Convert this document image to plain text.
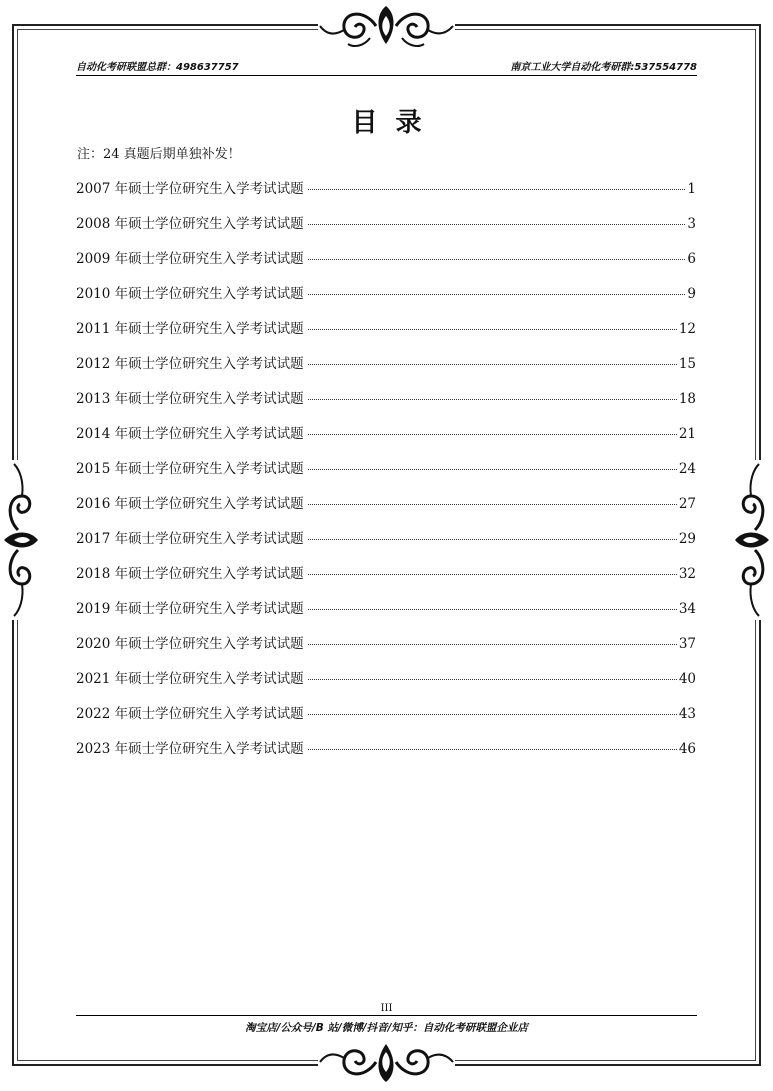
自动化考研联盟总群：498637757	南京工业大学自动化考研群:537554778
目录
注：24 真题后期单独补发！
2007 年硕士学位研究生入学考试试题	1
2008 年硕士学位研究生入学考试试题	3
2009 年硕士学位研究生入学考试试题	6
2010 年硕士学位研究生入学考试试题	9
2011 年硕士学位研究生入学考试试题	12
2012 年硕士学位研究生入学考试试题	15
2013 年硕士学位研究生入学考试试题	18
2014 年硕士学位研究生入学考试试题	21
2015 年硕士学位研究生入学考试试题	24
2016 年硕士学位研究生入学考试试题	27
2017 年硕士学位研究生入学考试试题	29
2018 年硕士学位研究生入学考试试题	32
2019 年硕士学位研究生入学考试试题	34
2020 年硕士学位研究生入学考试试题	37
2021 年硕士学位研究生入学考试试题	40
2022 年硕士学位研究生入学考试试题	43
2023 年硕士学位研究生入学考试试题	46
III
淘宝店/公众号/B 站/微博/抖音/知乎：自动化考研联盟企业店
